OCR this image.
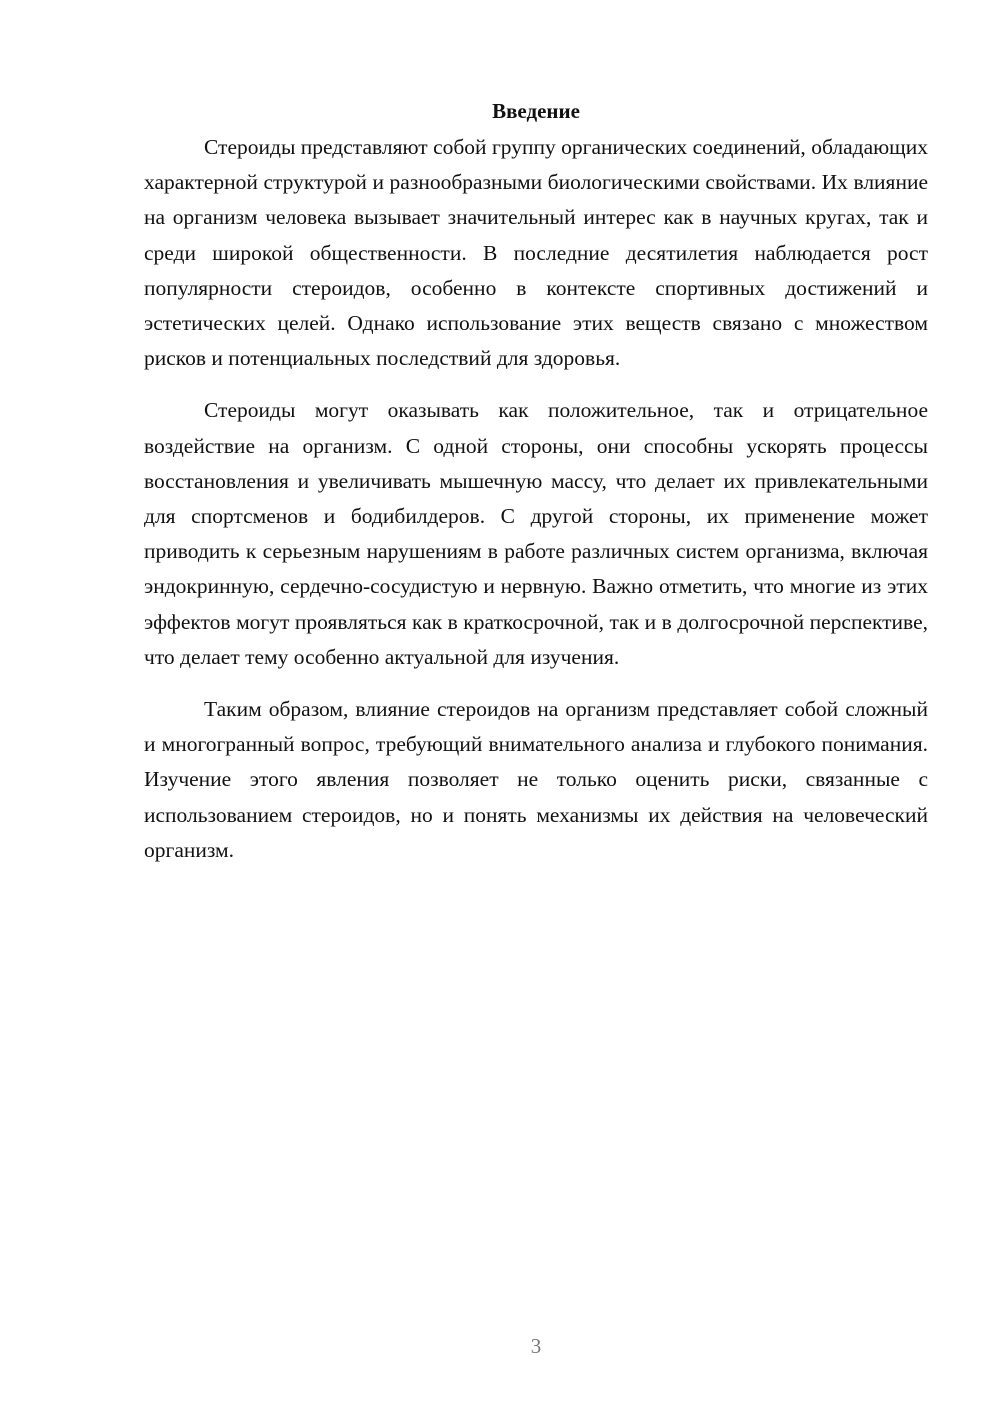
Введение

Стероиды представляют собой группу органических соединений, обладающих характерной структурой и разнообразными биологическими свойствами. Их влияние на организм человека вызывает значительный интерес как в научных кругах, так и среди широкой общественности. В последние десятилетия наблюдается рост популярности стероидов, особенно в контексте спортивных достижений и эстетических целей. Однако использование этих веществ связано с множеством рисков и потенциальных последствий для здоровья.

Стероиды могут оказывать как положительное, так и отрицательное воздействие на организм. С одной стороны, они способны ускорять процессы восстановления и увеличивать мышечную массу, что делает их привлекательными для спортсменов и бодибилдеров. С другой стороны, их применение может приводить к серьезным нарушениям в работе различных систем организма, включая эндокринную, сердечно-сосудистую и нервную. Важно отметить, что многие из этих эффектов могут проявляться как в краткосрочной, так и в долгосрочной перспективе, что делает тему особенно актуальной для изучения.

Таким образом, влияние стероидов на организм представляет собой сложный и многогранный вопрос, требующий внимательного анализа и глубокого понимания. Изучение этого явления позволяет не только оценить риски, связанные с использованием стероидов, но и понять механизмы их действия на человеческий организм.

3
